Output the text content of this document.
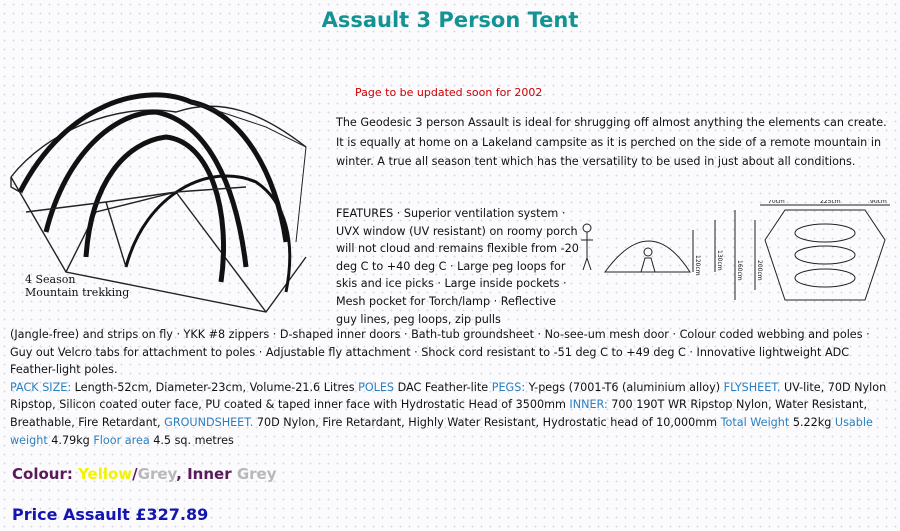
Assault 3 Person Tent
4 Season
Mountain trekking
Page to be updated soon for 2002
The Geodesic 3 person Assault is ideal for shrugging off almost anything the elements can create. It is equally at home on a Lakeland campsite as it is perched on the side of a remote mountain in winter. A true all season tent which has the versatility to be used in just about all conditions.
FEATURES · Superior ventilation system · UVX window (UV resistant) on roomy porch will not cloud and remains flexible from -20 deg C to +40 deg C · Large peg loops for skis and ice picks · Large inside pockets · Mesh pocket for Torch/lamp · Reflective guy lines, peg loops, zip pulls
120cm	130cm 160cm 200cm
70cm	225cm	90cm
(Jangle-free) and strips on fly · YKK #8 zippers · D-shaped inner doors · Bath-tub groundsheet · No-see-um mesh door · Colour coded webbing and poles · Guy out Velcro tabs for attachment to poles · Adjustable fly attachment · Shock cord resistant to -51 deg C to +49 deg C · Innovative lightweight ADC Feather-light poles.
PACK SIZE: Length-52cm, Diameter-23cm, Volume-21.6 Litres POLES DAC Feather-lite PEGS: Y-pegs (7001-T6 (aluminium alloy) FLYSHEET. UV-lite, 70D Nylon Ripstop, Silicon coated outer face, PU coated & taped inner face with Hydrostatic Head of 3500mm INNER: 700 190T WR Ripstop Nylon, Water Resistant, Breathable, Fire Retardant, GROUNDSHEET. 70D Nylon, Fire Retardant, Highly Water Resistant, Hydrostatic head of 10,000mm Total Weight 5.22kg Usable weight 4.79kg Floor area 4.5 sq. metres
Colour: Yellow/Grey, Inner Grey
Price Assault £327.89
